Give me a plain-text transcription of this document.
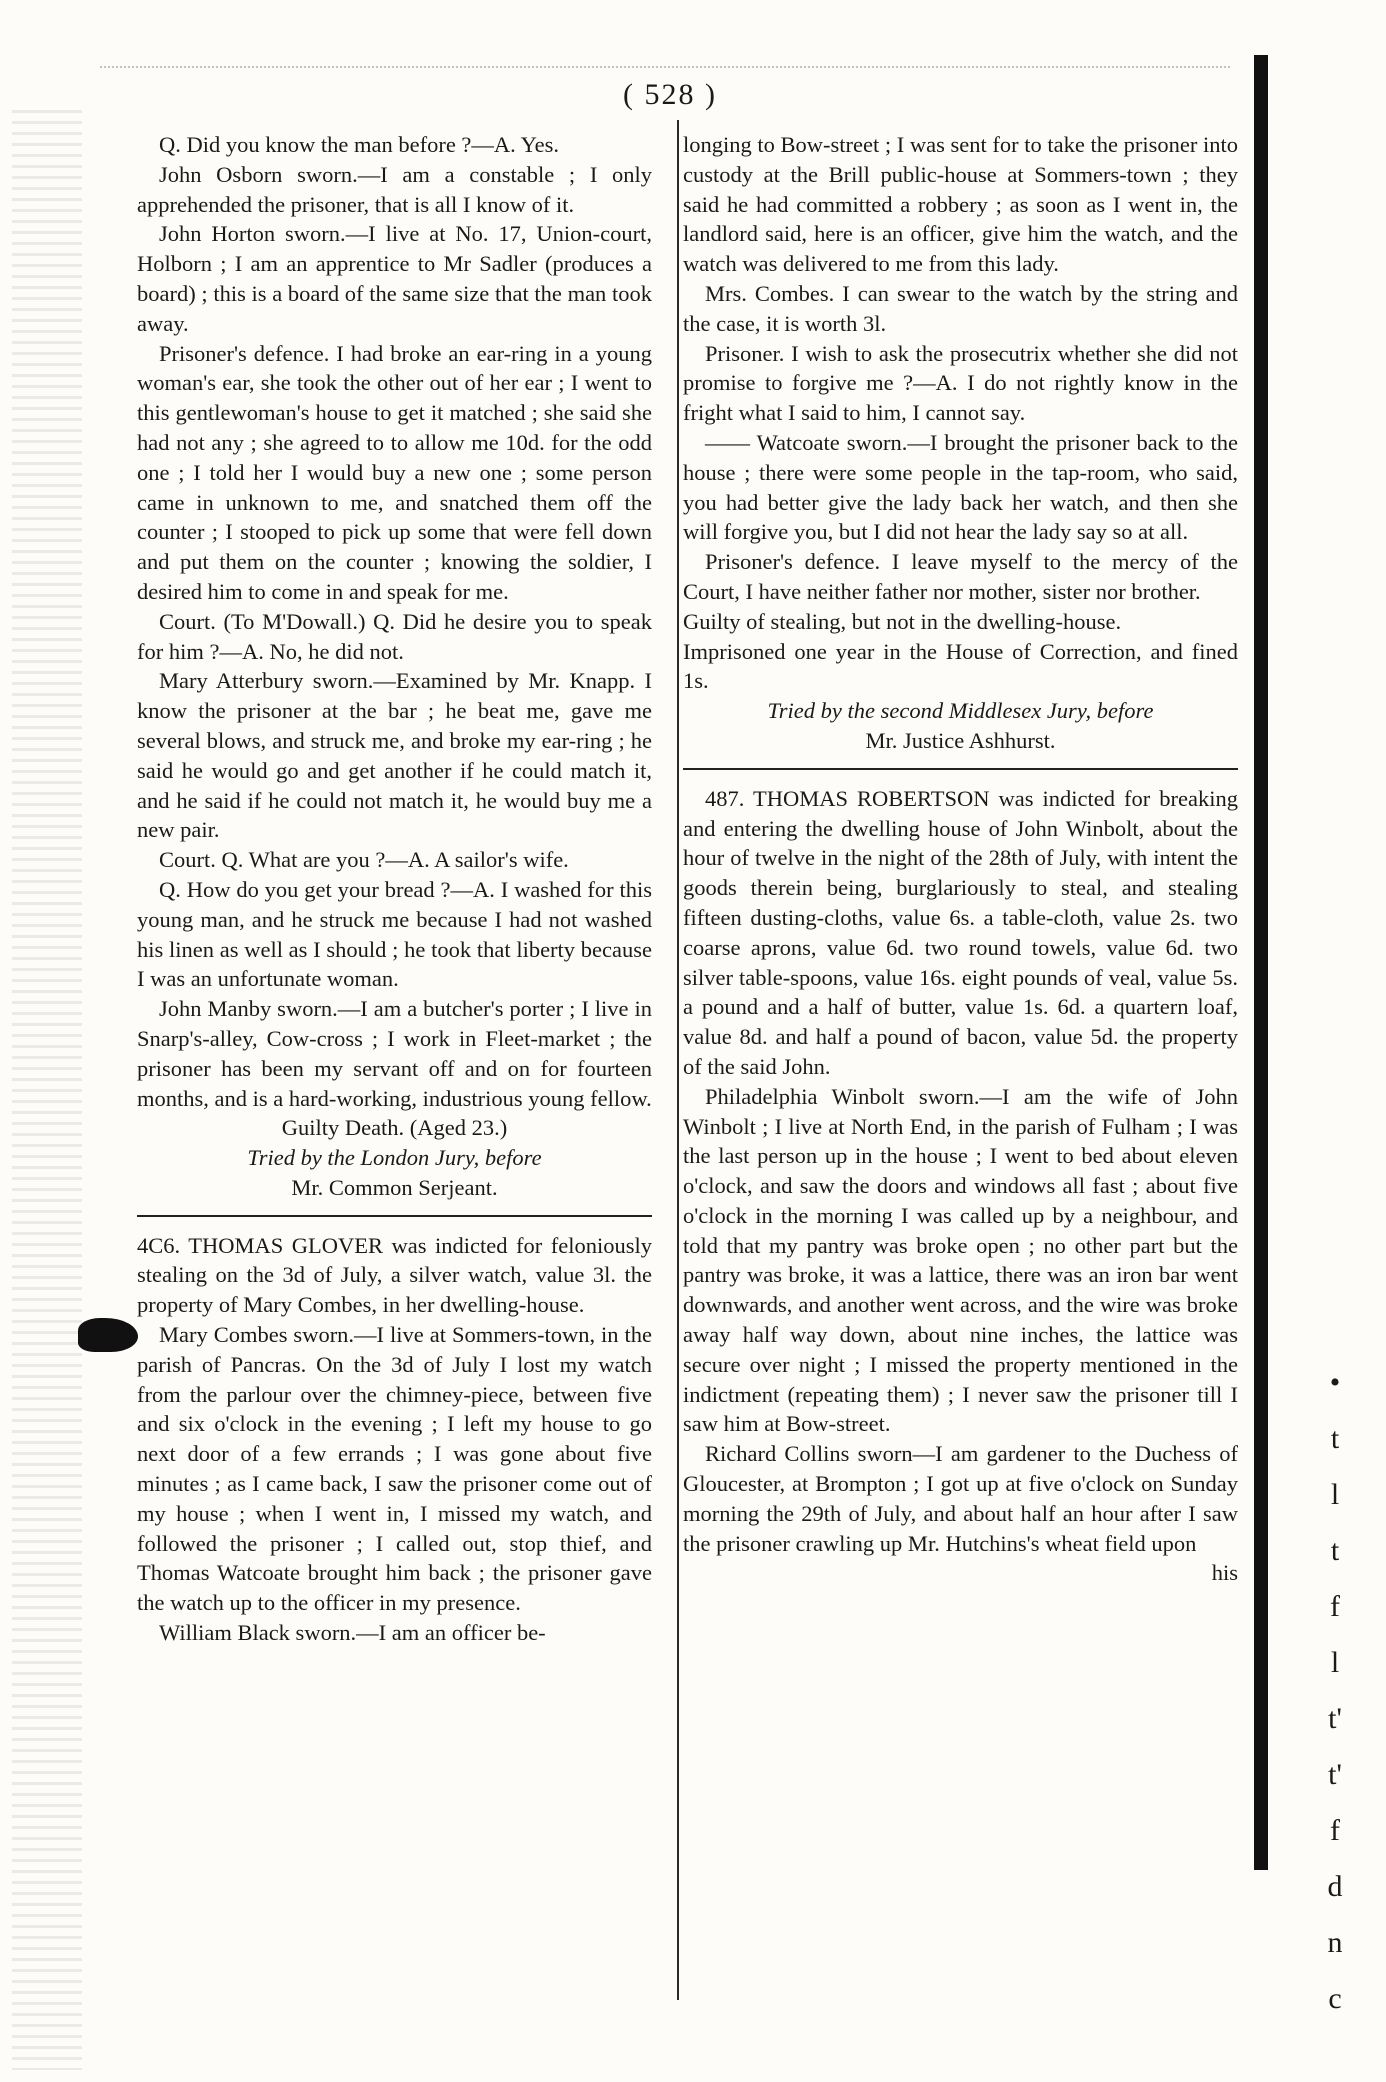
( 528 )

Q. Did you know the man before ?—A. Yes.

John Osborn sworn.—I am a constable ; I only apprehended the prisoner, that is all I know of it.

John Horton sworn.—I live at No. 17, Union-court, Holborn ; I am an apprentice to Mr Sadler (produces a board) ; this is a board of the same size that the man took away.

Prisoner's defence. I had broke an ear-ring in a young woman's ear, she took the other out of her ear ; I went to this gentlewoman's house to get it matched ; she said she had not any ; she agreed to to allow me 10d. for the odd one ; I told her I would buy a new one ; some person came in unknown to me, and snatched them off the counter ; I stooped to pick up some that were fell down and put them on the counter ; knowing the soldier, I desired him to come in and speak for me.

Court. (To M'Dowall.) Q. Did he desire you to speak for him ?—A. No, he did not.

Mary Atterbury sworn.—Examined by Mr. Knapp. I know the prisoner at the bar ; he beat me, gave me several blows, and struck me, and broke my ear-ring ; he said he would go and get another if he could match it, and he said if he could not match it, he would buy me a new pair.

Court. Q. What are you ?—A. A sailor's wife.

Q. How do you get your bread ?—A. I washed for this young man, and he struck me because I had not washed his linen as well as I should ; he took that liberty because I was an unfortunate woman.

John Manby sworn.—I am a butcher's porter ; I live in Snarp's-alley, Cow-cross ; I work in Fleet-market ; the prisoner has been my servant off and on for fourteen months, and is a hard-working, industrious young fellow.

Guilty Death. (Aged 23.)

Tried by the London Jury, before

Mr. Common Serjeant.

4C6. THOMAS GLOVER was indicted for feloniously stealing on the 3d of July, a silver watch, value 3l. the property of Mary Combes, in her dwelling-house.

Mary Combes sworn.—I live at Sommers-town, in the parish of Pancras. On the 3d of July I lost my watch from the parlour over the chimney-piece, between five and six o'clock in the evening ; I left my house to go next door of a few errands ; I was gone about five minutes ; as I came back, I saw the prisoner come out of my house ; when I went in, I missed my watch, and followed the prisoner ; I called out, stop thief, and Thomas Watcoate brought him back ; the prisoner gave the watch up to the officer in my presence.

William Black sworn.—I am an officer be-

longing to Bow-street ; I was sent for to take the prisoner into custody at the Brill public-house at Sommers-town ; they said he had committed a robbery ; as soon as I went in, the landlord said, here is an officer, give him the watch, and the watch was delivered to me from this lady.

Mrs. Combes. I can swear to the watch by the string and the case, it is worth 3l.

Prisoner. I wish to ask the prosecutrix whether she did not promise to forgive me ?—A. I do not rightly know in the fright what I said to him, I cannot say.

—— Watcoate sworn.—I brought the prisoner back to the house ; there were some people in the tap-room, who said, you had better give the lady back her watch, and then she will forgive you, but I did not hear the lady say so at all.

Prisoner's defence. I leave myself to the mercy of the Court, I have neither father nor mother, sister nor brother.

Guilty of stealing, but not in the dwelling-house.

Imprisoned one year in the House of Correction, and fined 1s.

Tried by the second Middlesex Jury, before

Mr. Justice Ashhurst.

487. THOMAS ROBERTSON was indicted for breaking and entering the dwelling house of John Winbolt, about the hour of twelve in the night of the 28th of July, with intent the goods therein being, burglariously to steal, and stealing fifteen dusting-cloths, value 6s. a table-cloth, value 2s. two coarse aprons, value 6d. two round towels, value 6d. two silver table-spoons, value 16s. eight pounds of veal, value 5s. a pound and a half of butter, value 1s. 6d. a quartern loaf, value 8d. and half a pound of bacon, value 5d. the property of the said John.

Philadelphia Winbolt sworn.—I am the wife of John Winbolt ; I live at North End, in the parish of Fulham ; I was the last person up in the house ; I went to bed about eleven o'clock, and saw the doors and windows all fast ; about five o'clock in the morning I was called up by a neighbour, and told that my pantry was broke open ; no other part but the pantry was broke, it was a lattice, there was an iron bar went downwards, and another went across, and the wire was broke away half way down, about nine inches, the lattice was secure over night ; I missed the property mentioned in the indictment (repeating them) ; I never saw the prisoner till I saw him at Bow-street.

Richard Collins sworn—I am gardener to the Duchess of Gloucester, at Brompton ; I got up at five o'clock on Sunday morning the 29th of July, and about half an hour after I saw the prisoner crawling up Mr. Hutchins's wheat field upon

his

•
t
l
t
f
l
t'
t'
f
d
n
c
